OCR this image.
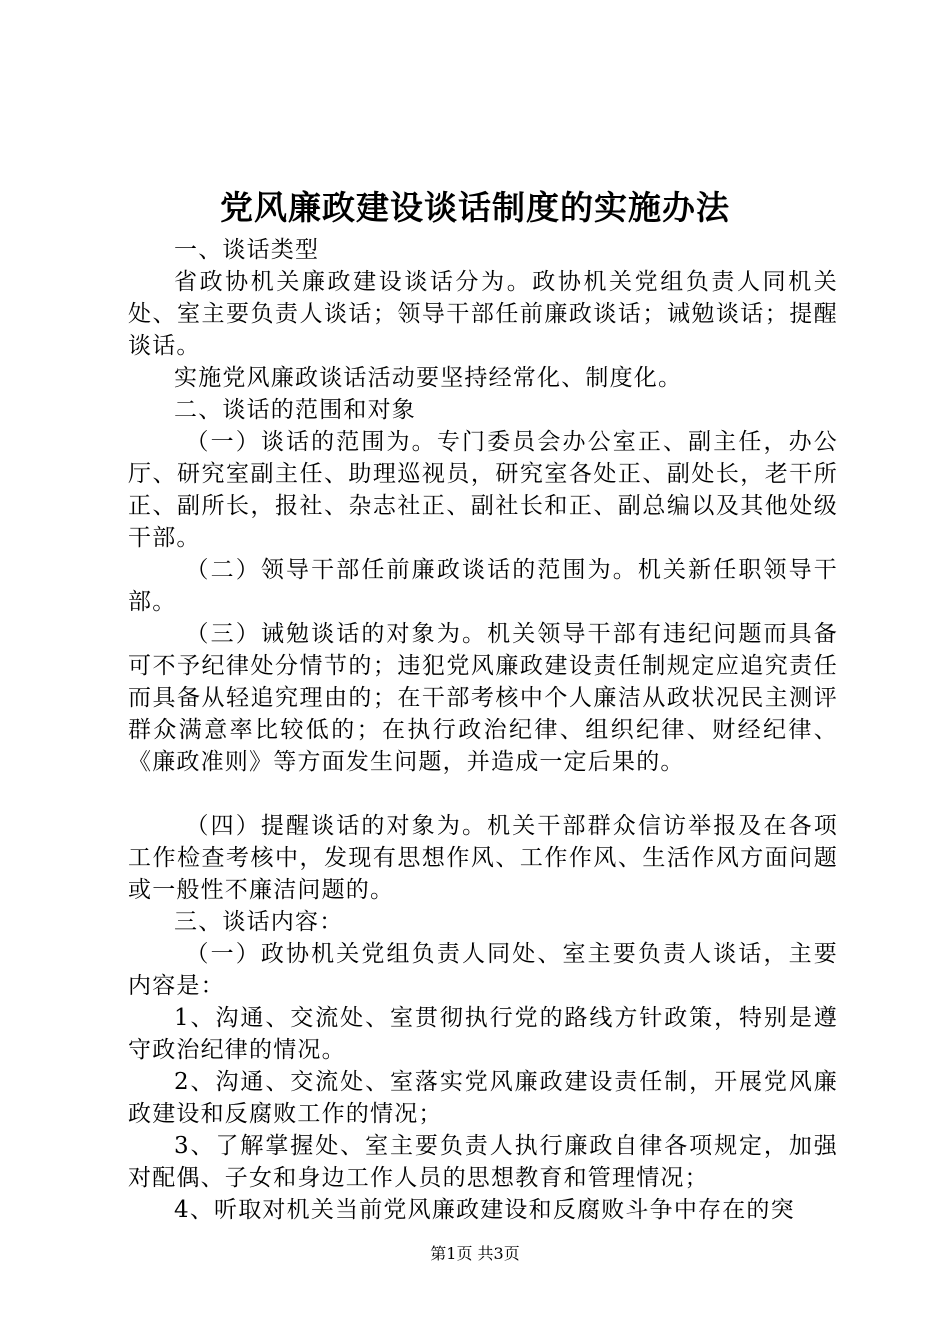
党风廉政建设谈话制度的实施办法

一、谈话类型

省政协机关廉政建设谈话分为。政协机关党组负责人同机关处、室主要负责人谈话；领导干部任前廉政谈话；诫勉谈话；提醒谈话。

实施党风廉政谈话活动要坚持经常化、制度化。

二、谈话的范围和对象

（一）谈话的范围为。专门委员会办公室正、副主任，办公厅、研究室副主任、助理巡视员，研究室各处正、副处长，老干所正、副所长，报社、杂志社正、副社长和正、副总编以及其他处级干部。

（二）领导干部任前廉政谈话的范围为。机关新任职领导干部。

（三）诫勉谈话的对象为。机关领导干部有违纪问题而具备可不予纪律处分情节的；违犯党风廉政建设责任制规定应追究责任而具备从轻追究理由的；在干部考核中个人廉洁从政状况民主测评群众满意率比较低的；在执行政治纪律、组织纪律、财经纪律、《廉政准则》等方面发生问题，并造成一定后果的。

（四）提醒谈话的对象为。机关干部群众信访举报及在各项工作检查考核中，发现有思想作风、工作作风、生活作风方面问题或一般性不廉洁问题的。

三、谈话内容：

（一）政协机关党组负责人同处、室主要负责人谈话，主要内容是：

1、沟通、交流处、室贯彻执行党的路线方针政策，特别是遵守政治纪律的情况。

2、沟通、交流处、室落实党风廉政建设责任制，开展党风廉政建设和反腐败工作的情况；

3、了解掌握处、室主要负责人执行廉政自律各项规定，加强对配偶、子女和身边工作人员的思想教育和管理情况；

4、听取对机关当前党风廉政建设和反腐败斗争中存在的突

第1页 共3页
